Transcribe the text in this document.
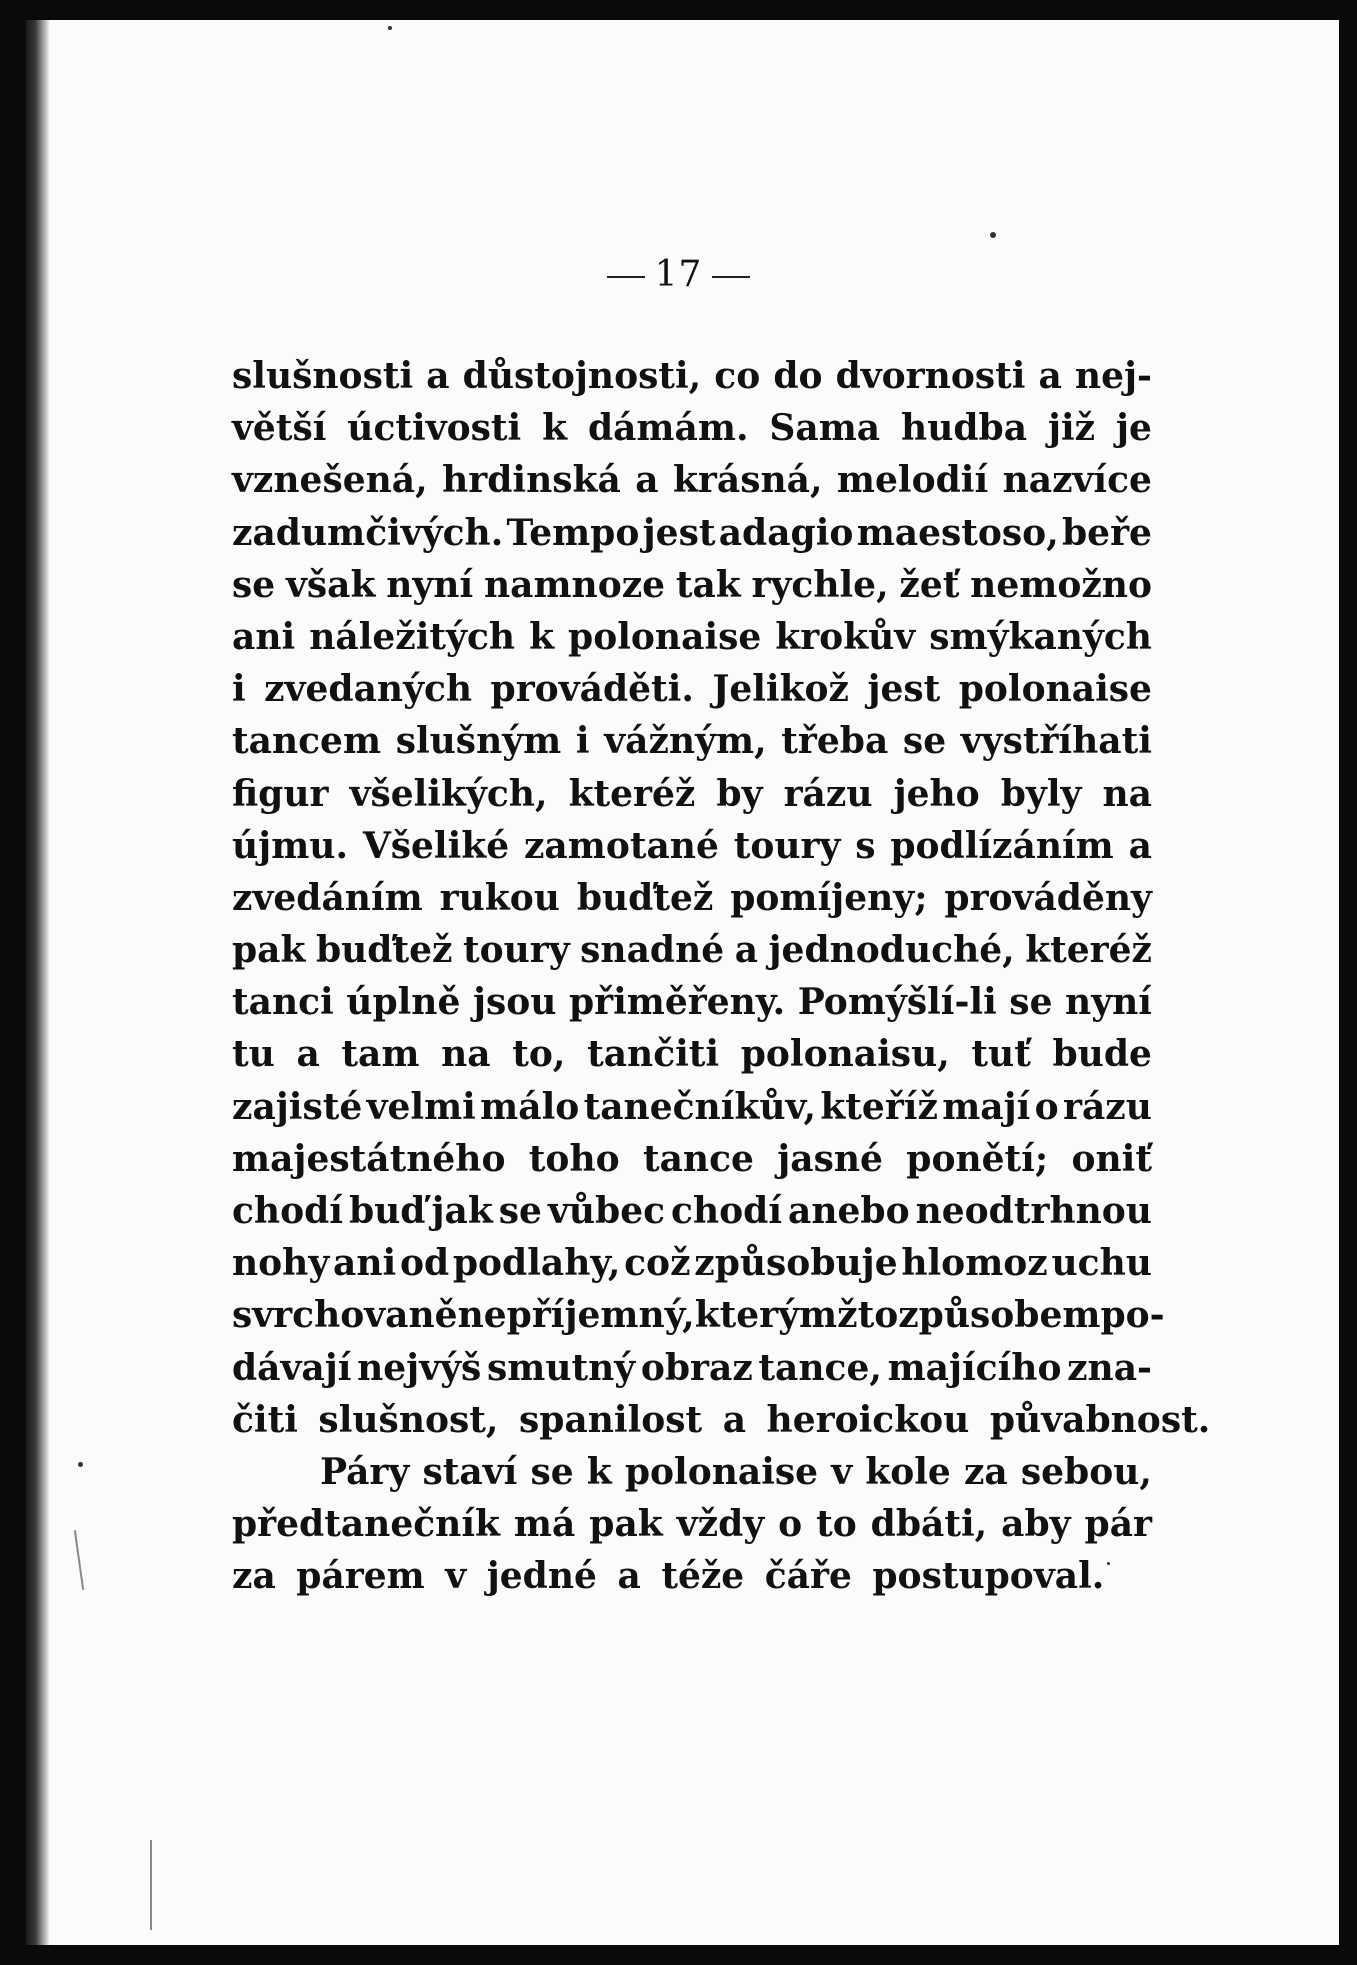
17
slušnosti a důstojnosti, co do dvornosti a nej-
větší úctivosti k dámám. Sama hudba již je
vznešená, hrdinská a krásná, melodií nazvíce
zadumčivých. Tempo jest adagio maestoso, beře
se však nyní namnoze tak rychle, žeť nemožno
ani náležitých k polonaise krokův smýkaných
i zvedaných prováděti. Jelikož jest polonaise
tancem slušným i vážným, třeba se vystříhati
figur všelikých, kteréž by rázu jeho byly na
újmu. Všeliké zamotané toury s podlízáním a
zvedáním rukou buďtež pomíjeny; prováděny
pak buďtež toury snadné a jednoduché, kteréž
tanci úplně jsou přiměřeny. Pomýšlí-li se nyní
tu a tam na to, tančiti polonaisu, tuť bude
zajisté velmi málo tanečníkův, kteříž mají o rázu
majestátného toho tance jasné ponětí; oniť
chodí buď jak se vůbec chodí anebo neodtrhnou
nohy ani od podlahy, což způsobuje hlomoz uchu
svrchovaně nepříjemný, kterýmžto způsobem po-
dávají nejvýš smutný obraz tance, majícího zna-
čiti slušnost, spanilost a heroickou půvabnost.
Páry staví se k polonaise v kole za sebou,
předtanečník má pak vždy o to dbáti, aby pár
za párem v jedné a téže čáře postupoval.
